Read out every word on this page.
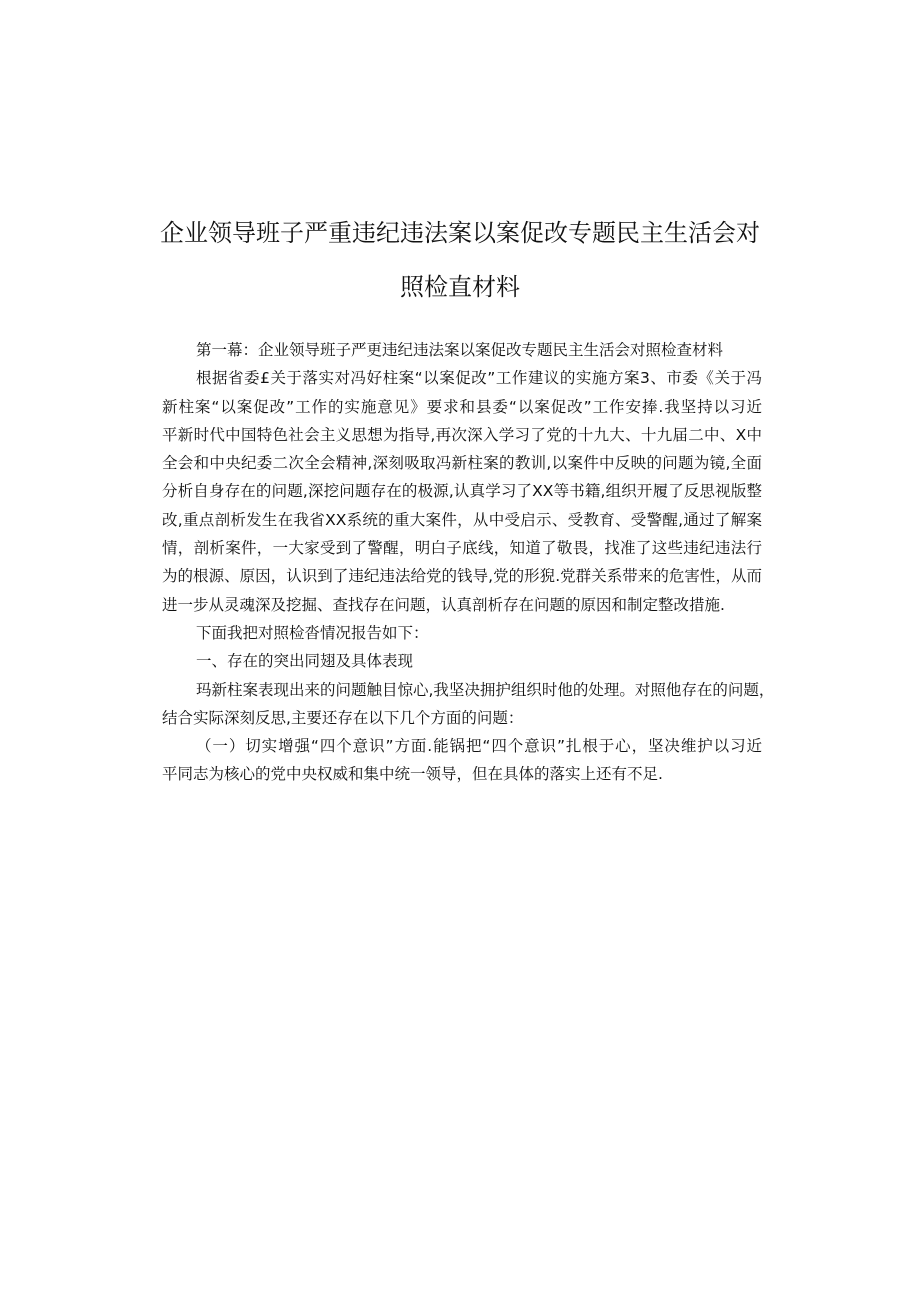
企业领导班子严重违纪违法案以案促改专题民主生活会对
照检直材料
第一幕：企业领导班子严更违纪违法案以案促改专题民主生活会对照检查材料
根据省委£关于落实对冯好柱案“以案促改”工作建议的实施方案3、市委《关于冯
新柱案“以案促改”工作的实施意见》要求和县委“以案促改”工作安捧.我坚持以习近
平新时代中国特色社会主义思想为指导,再次深入学习了党的十九大、十九届二中、X中
全会和中央纪委二次全会精神,深刻吸取冯新柱案的教训,以案件中反映的问题为镜,全面
分析自身存在的问题,深挖问题存在的极源,认真学习了XX等书籍,组织开履了反思视版整
改,重点剖析发生在我省XX系统的重大案件，从中受启示、受教育、受警醒,通过了解案
情，剖析案件，一大家受到了警醒，明白子底线，知道了敬畏，找准了这些违纪违法行
为的根源、原因，认识到了违纪违法给党的钱导,党的形猊.党群关系带来的危害性，从而
进一步从灵魂深及挖掘、查找存在问题，认真剖析存在问题的原因和制定整改措施.
下面我把对照检沓情况报告如下：
一、存在的突出同翅及具体表现
玛新柱案表现出来的问题触目惊心,我坚决拥护组织时他的处理。对照他存在的问题，
结合实际深刻反思,主要还存在以下几个方面的问题：
（一）切实增强“四个意识”方面.能锅把“四个意识”扎根于心，坚决维护以习近
平同志为核心的党中央权威和集中统一领导，但在具体的落实上还有不足.
